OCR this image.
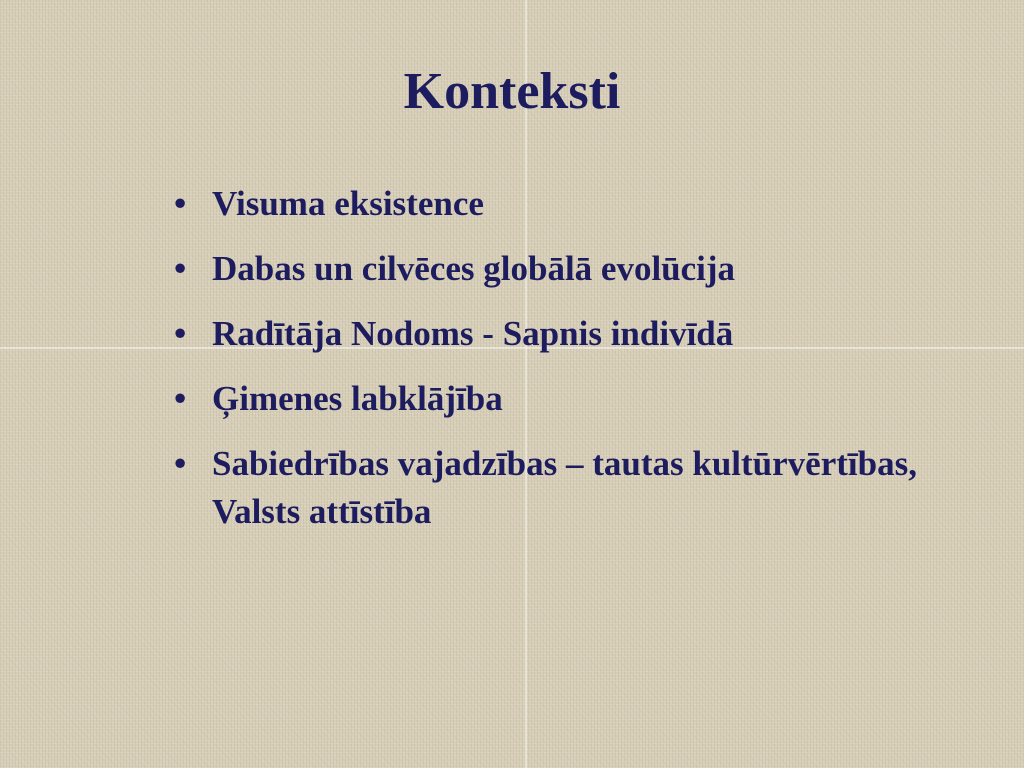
Konteksti
• Visuma eksistence
• Dabas un cilvēces globālā evolūcija
• Radītāja Nodoms - Sapnis indivīdā
• Ģimenes labklājība
• Sabiedrības vajadzības – tautas kultūrvērtības, Valsts attīstība
